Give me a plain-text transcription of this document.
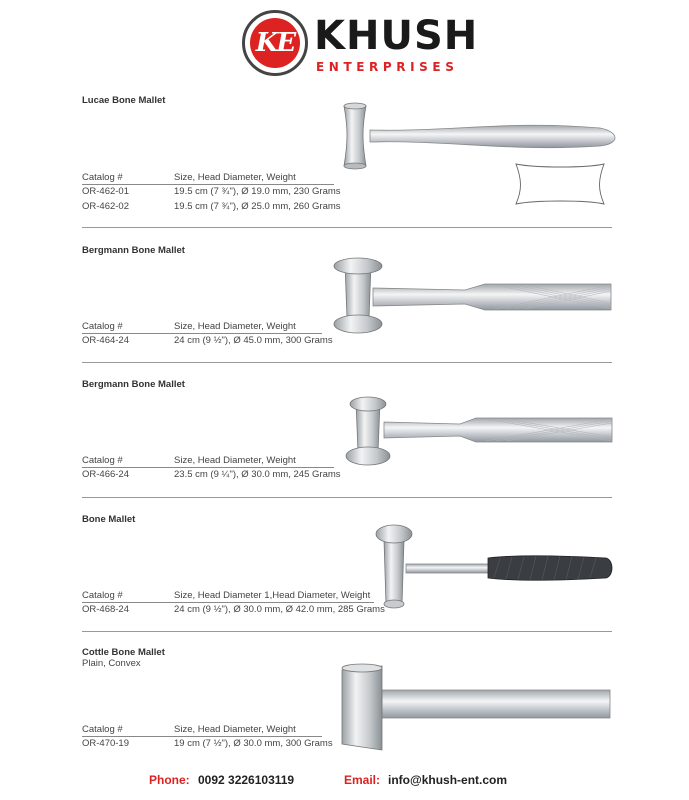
KE KHUSH
ENTERPRISES
Lucae Bone Mallet
Catalog #	Size, Head Diameter, Weight
OR-462-01	19.5 cm (7 ¾"), Ø 19.0 mm, 230 Grams
OR-462-02	19.5 cm (7 ¾"), Ø 25.0 mm, 260 Grams
Bergmann Bone Mallet
Catalog #	Size, Head Diameter, Weight
OR-464-24	24 cm (9 ½"), Ø 45.0 mm, 300 Grams
Bergmann Bone Mallet
Catalog #	Size, Head Diameter, Weight
OR-466-24	23.5 cm (9 ¼"), Ø 30.0 mm, 245 Grams
Bone Mallet
Catalog #	Size, Head Diameter 1,Head Diameter, Weight
OR-468-24	24 cm (9 ½"), Ø 30.0 mm, Ø 42.0 mm, 285 Grams
Cottle Bone Mallet
Plain, Convex
Catalog #	Size, Head Diameter, Weight
OR-470-19	19 cm (7 ½"), Ø 30.0 mm, 300 Grams
Phone: 0092 3226103119	Email: info@khush-ent.com
